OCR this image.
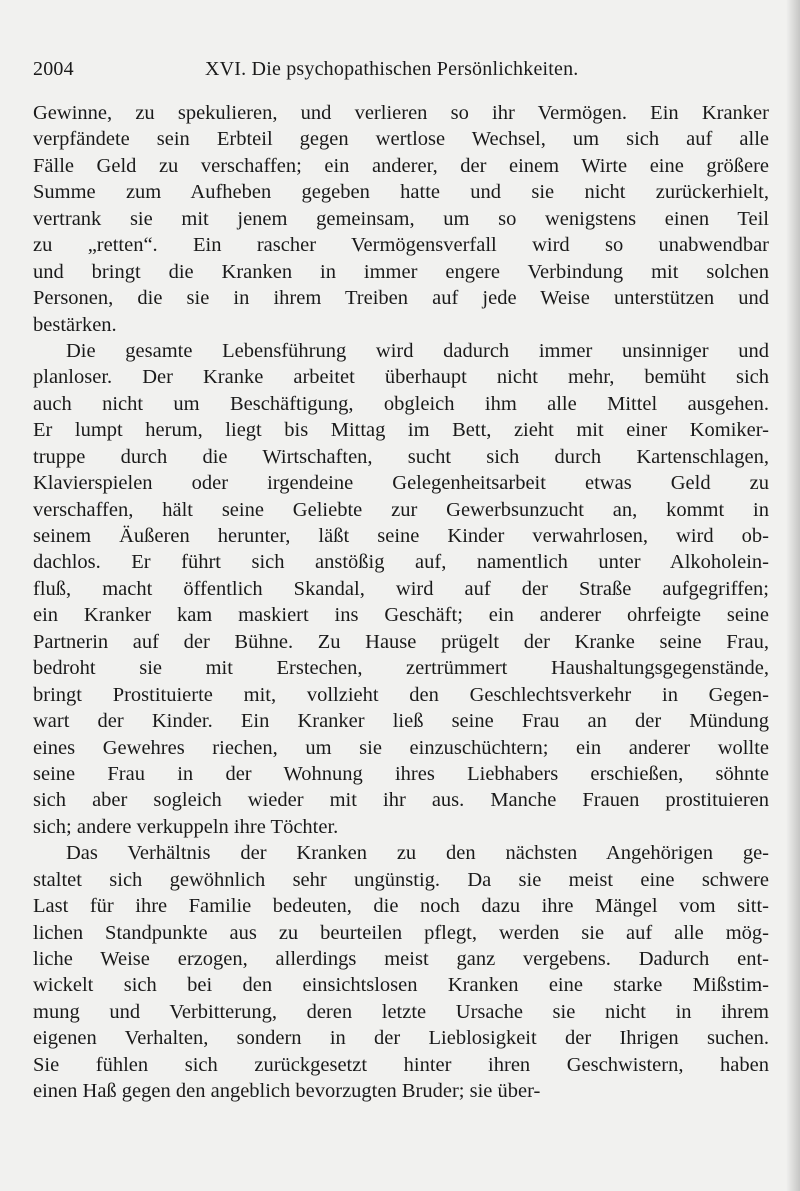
2004	XVI. Die psychopathischen Persönlichkeiten.
Gewinne, zu spekulieren, und verlieren so ihr Vermögen. Ein Kranker
verpfändete sein Erbteil gegen wertlose Wechsel, um sich auf alle
Fälle Geld zu verschaffen; ein anderer, der einem Wirte eine größere
Summe zum Aufheben gegeben hatte und sie nicht zurückerhielt,
vertrank sie mit jenem gemeinsam, um so wenigstens einen Teil
zu „retten“. Ein rascher Vermögensverfall wird so unabwendbar
und bringt die Kranken in immer engere Verbindung mit solchen
Personen, die sie in ihrem Treiben auf jede Weise unterstützen und
bestärken.
Die gesamte Lebensführung wird dadurch immer unsinniger und
planloser. Der Kranke arbeitet überhaupt nicht mehr, bemüht sich
auch nicht um Beschäftigung, obgleich ihm alle Mittel ausgehen.
Er lumpt herum, liegt bis Mittag im Bett, zieht mit einer Komiker-
truppe durch die Wirtschaften, sucht sich durch Kartenschlagen,
Klavierspielen oder irgendeine Gelegenheitsarbeit etwas Geld zu
verschaffen, hält seine Geliebte zur Gewerbsunzucht an, kommt in
seinem Äußeren herunter, läßt seine Kinder verwahrlosen, wird ob-
dachlos. Er führt sich anstößig auf, namentlich unter Alkoholein-
fluß, macht öffentlich Skandal, wird auf der Straße aufgegriffen;
ein Kranker kam maskiert ins Geschäft; ein anderer ohrfeigte seine
Partnerin auf der Bühne. Zu Hause prügelt der Kranke seine Frau,
bedroht sie mit Erstechen, zertrümmert Haushaltungsgegenstände,
bringt Prostituierte mit, vollzieht den Geschlechtsverkehr in Gegen-
wart der Kinder. Ein Kranker ließ seine Frau an der Mündung
eines Gewehres riechen, um sie einzuschüchtern; ein anderer wollte
seine Frau in der Wohnung ihres Liebhabers erschießen, söhnte
sich aber sogleich wieder mit ihr aus. Manche Frauen prostituieren
sich; andere verkuppeln ihre Töchter.
Das Verhältnis der Kranken zu den nächsten Angehörigen ge-
staltet sich gewöhnlich sehr ungünstig. Da sie meist eine schwere
Last für ihre Familie bedeuten, die noch dazu ihre Mängel vom sitt-
lichen Standpunkte aus zu beurteilen pflegt, werden sie auf alle mög-
liche Weise erzogen, allerdings meist ganz vergebens. Dadurch ent-
wickelt sich bei den einsichtslosen Kranken eine starke Mißstim-
mung und Verbitterung, deren letzte Ursache sie nicht in ihrem
eigenen Verhalten, sondern in der Lieblosigkeit der Ihrigen suchen.
Sie fühlen sich zurückgesetzt hinter ihren Geschwistern, haben
einen Haß gegen den angeblich bevorzugten Bruder; sie über-
